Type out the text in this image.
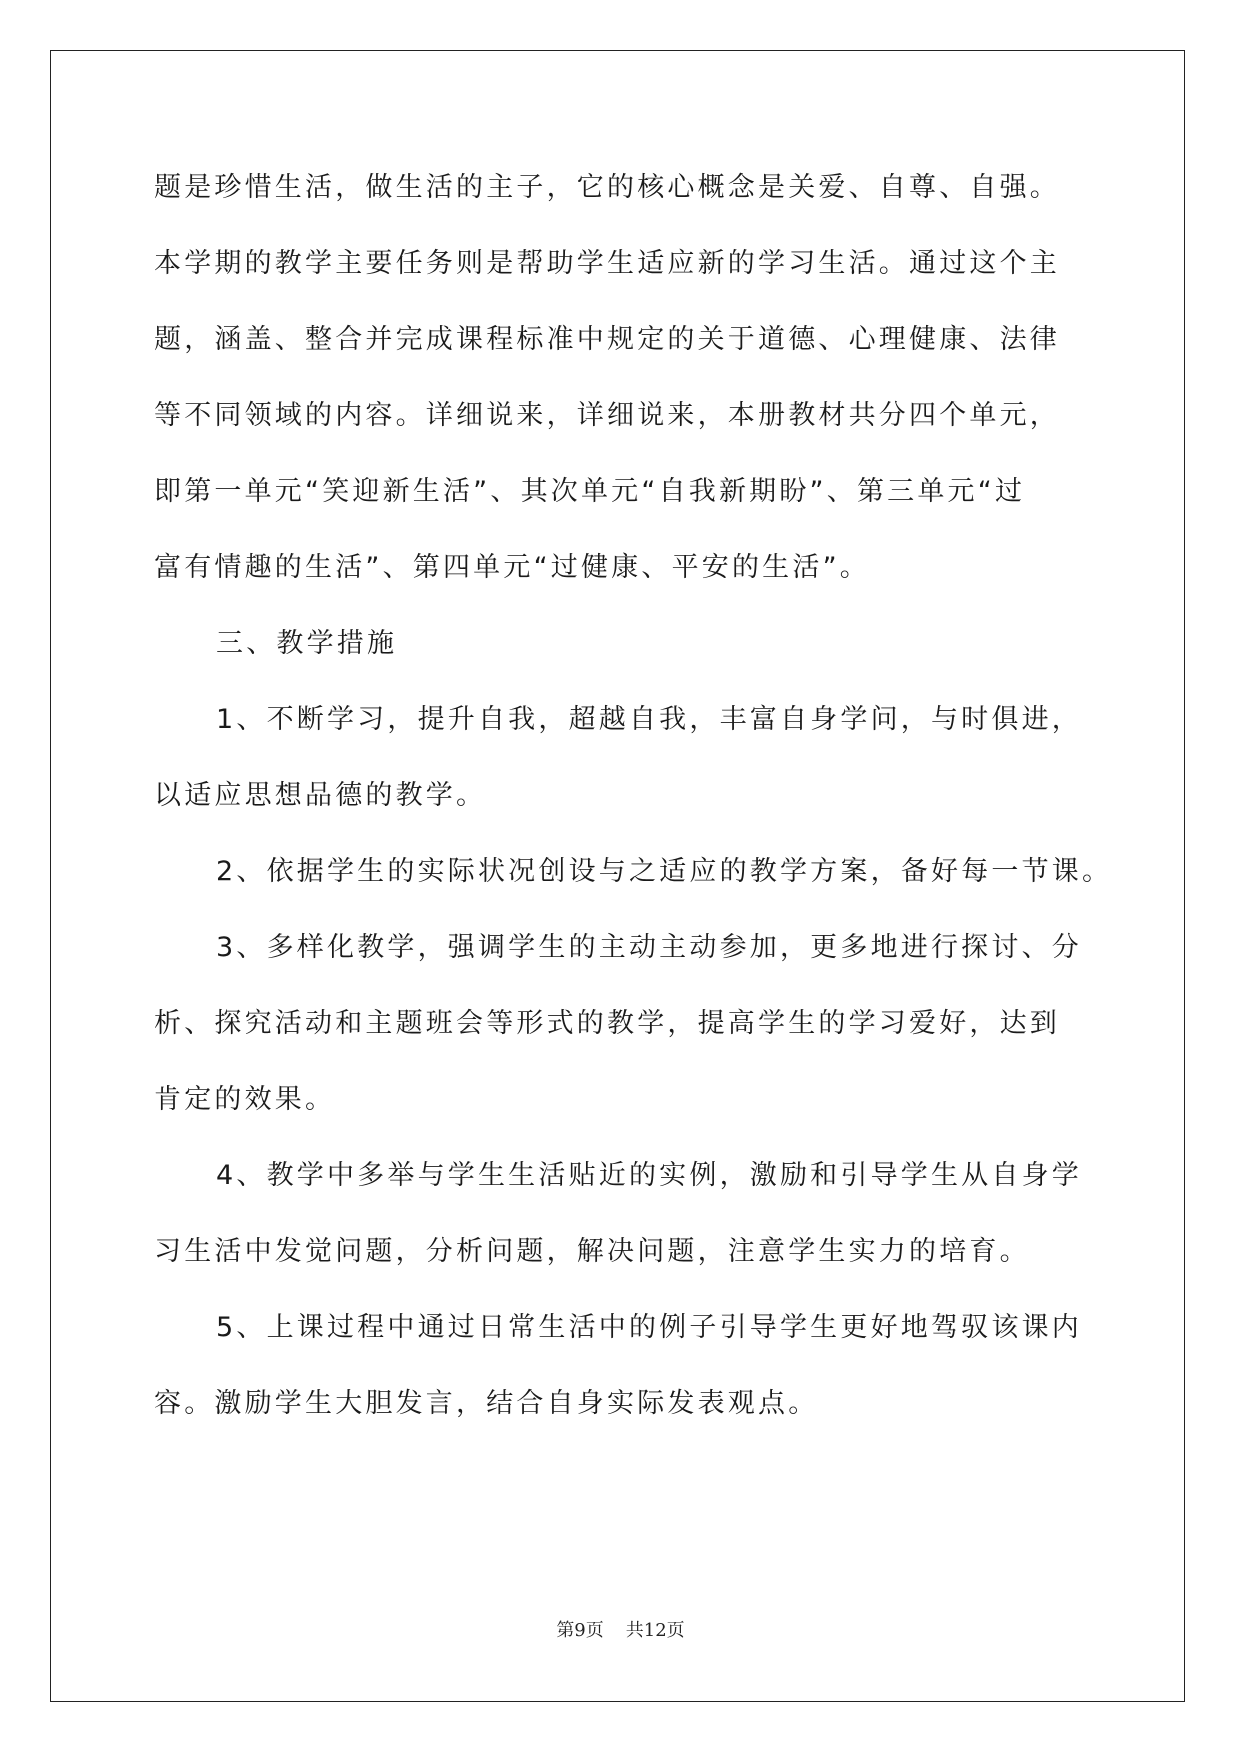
题是珍惜生活，做生活的主子，它的核心概念是关爱、自尊、自强。
本学期的教学主要任务则是帮助学生适应新的学习生活。通过这个主
题，涵盖、整合并完成课程标准中规定的关于道德、心理健康、法律
等不同领域的内容。详细说来，详细说来，本册教材共分四个单元，
即第一单元“笑迎新生活”、其次单元“自我新期盼”、第三单元“过
富有情趣的生活”、第四单元“过健康、平安的生活”。
三、教学措施
1、不断学习，提升自我，超越自我，丰富自身学问，与时俱进，
以适应思想品德的教学。
2、依据学生的实际状况创设与之适应的教学方案，备好每一节课。
3、多样化教学，强调学生的主动主动参加，更多地进行探讨、分
析、探究活动和主题班会等形式的教学，提高学生的学习爱好，达到
肯定的效果。
4、教学中多举与学生生活贴近的实例，激励和引导学生从自身学
习生活中发觉问题，分析问题，解决问题，注意学生实力的培育。
5、上课过程中通过日常生活中的例子引导学生更好地驾驭该课内
容。激励学生大胆发言，结合自身实际发表观点。
第9页 共12页
